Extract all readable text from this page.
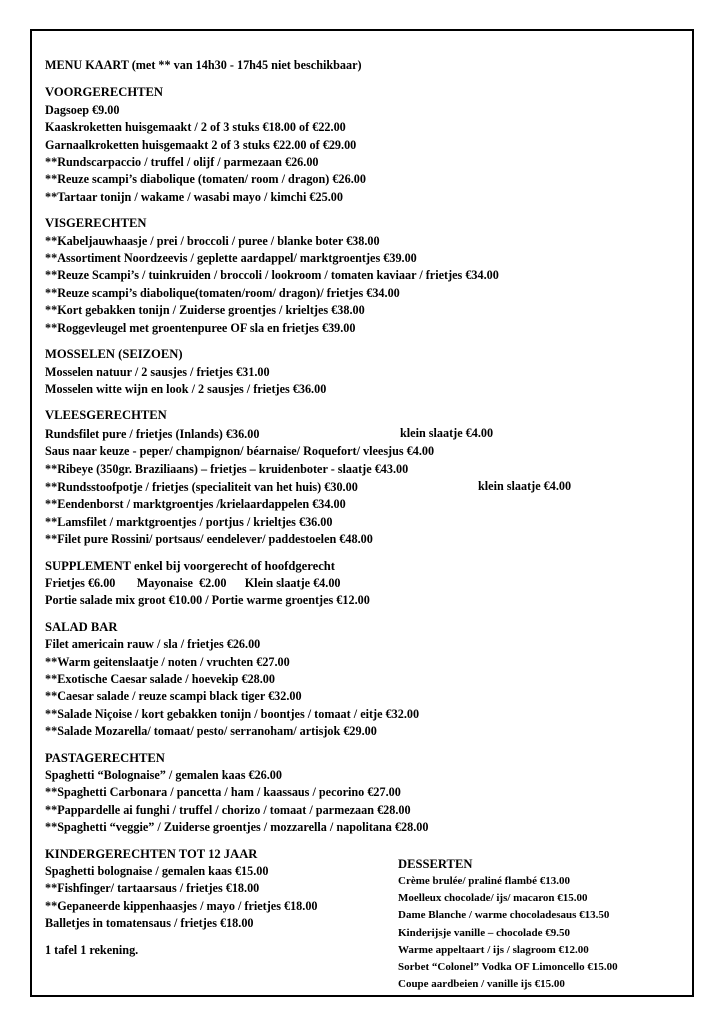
MENU KAART (met ** van 14h30 - 17h45 niet beschikbaar)
VOORGERECHTEN
Dagsoep €9.00
Kaaskroketten huisgemaakt / 2 of 3 stuks €18.00 of €22.00
Garnaalkroketten huisgemaakt 2 of 3 stuks €22.00 of €29.00
**Rundscarpaccio / truffel / olijf / parmezaan €26.00
**Reuze scampi’s diabolique (tomaten/ room / dragon) €26.00
**Tartaar tonijn / wakame / wasabi mayo / kimchi €25.00
VISGERECHTEN
**Kabeljauwhaasje / prei / broccoli / puree / blanke boter €38.00
**Assortiment Noordzeevis / geplette aardappel/ marktgroentjes €39.00
**Reuze Scampi’s / tuinkruiden / broccoli / lookroom / tomaten kaviaar / frietjes €34.00
**Reuze scampi’s diabolique(tomaten/room/ dragon)/ frietjes €34.00
**Kort gebakken tonijn / Zuiderse groentjes / krieltjes €38.00
**Roggevleugel met groentenpuree OF sla en frietjes €39.00
MOSSELEN (SEIZOEN)
Mosselen natuur / 2 sausjes / frietjes €31.00
Mosselen witte wijn en look / 2 sausjes / frietjes €36.00
VLEESGERECHTEN
Rundsfilet pure / frietjes (Inlands) €36.00	klein slaatje €4.00
Saus naar keuze - peper/ champignon/ béarnaise/ Roquefort/ vleesjus €4.00
**Ribeye (350gr. Braziliaans) – frietjes – kruidenboter - slaatje €43.00
**Rundsstoofpotje / frietjes (specialiteit van het huis) €30.00	klein slaatje €4.00
**Eendenborst / marktgroentjes /krielaardappelen €34.00
**Lamsfilet / marktgroentjes / portjus / krieltjes €36.00
**Filet pure Rossini/ portsaus/ eendelever/ paddestoelen €48.00
SUPPLEMENT enkel bij voorgerecht of hoofdgerecht
Frietjes €6.00       Mayonaise  €2.00      Klein slaatje €4.00
Portie salade mix groot €10.00 / Portie warme groentjes €12.00
SALAD BAR
Filet americain rauw / sla / frietjes €26.00
**Warm geitenslaatje / noten / vruchten €27.00
**Exotische Caesar salade / hoevekip €28.00
**Caesar salade / reuze scampi black tiger €32.00
**Salade Niçoise / kort gebakken tonijn / boontjes / tomaat / eitje €32.00
**Salade Mozarella/ tomaat/ pesto/ serranoham/ artisjok €29.00
PASTAGERECHTEN
Spaghetti “Bolognaise” / gemalen kaas €26.00
**Spaghetti Carbonara / pancetta / ham / kaassaus / pecorino €27.00
**Pappardelle ai funghi / truffel / chorizo / tomaat / parmezaan €28.00
**Spaghetti “veggie” / Zuiderse groentjes / mozzarella / napolitana €28.00
KINDERGERECHTEN TOT 12 JAAR
Spaghetti bolognaise / gemalen kaas €15.00
**Fishfinger/ tartaarsaus / frietjes €18.00
**Gepaneerde kippenhaasjes / mayo / frietjes €18.00
Balletjes in tomatensaus / frietjes €18.00
1 tafel 1 rekening.
DESSERTEN
Crème brulée/ praliné flambé €13.00
Moelleux chocolade/ ijs/ macaron €15.00
Dame Blanche / warme chocoladesaus €13.50
Kinderijsje vanille – chocolade €9.50
Warme appeltaart / ijs / slagroom €12.00
Sorbet “Colonel” Vodka OF Limoncello €15.00
Coupe aardbeien / vanille ijs €15.00
